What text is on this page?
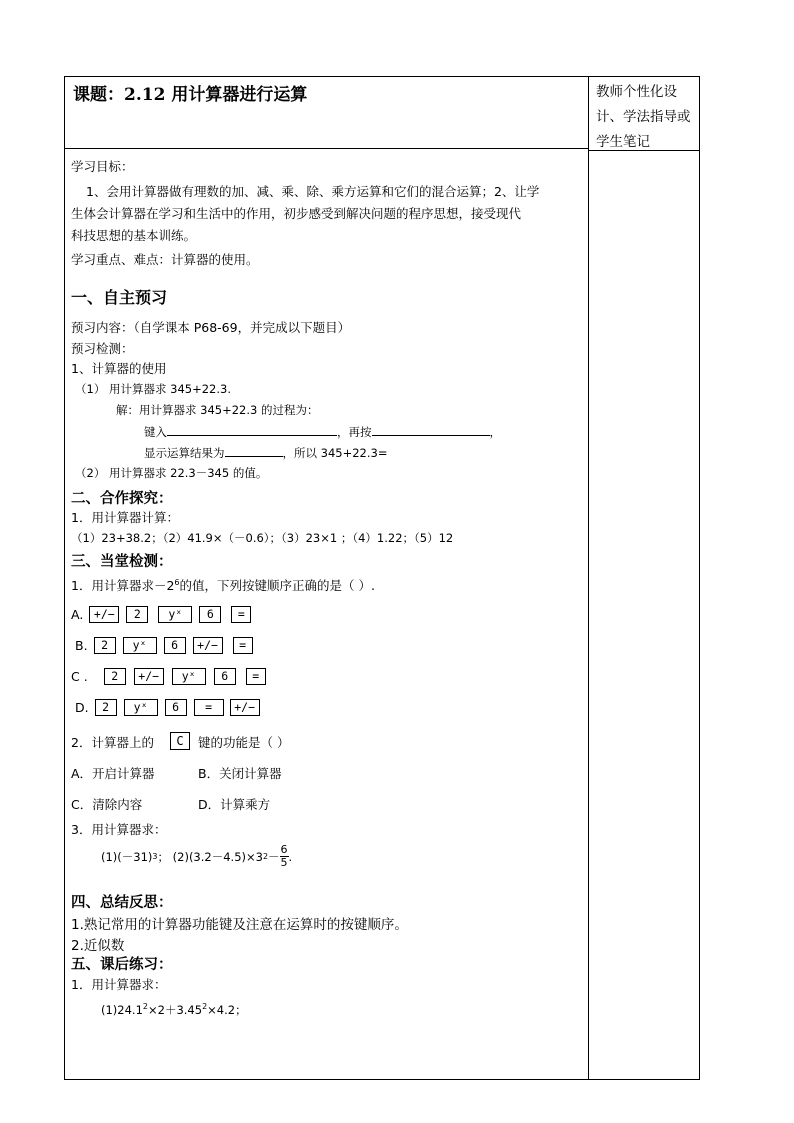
课题：2.12 用计算器进行运算	教师个性化设
计、学法指导或
学生笔记
学习目标：
1、会用计算器做有理数的加、减、乘、除、乘方运算和它们的混合运算；2、让学
生体会计算器在学习和生活中的作用，初步感受到解决问题的程序思想，接受现代
科技思想的基本训练。
学习重点、难点：计算器的使用。
一、自主预习
预习内容：（自学课本 P68-69，并完成以下题目）
预习检测：
1、计算器的使用
（1） 用计算器求 345+22.3.
解：用计算器求 345+22.3 的过程为：
键入	，再按	，
显示运算结果为	，所以 345+22.3=
（2） 用计算器求 22.3－345 的值。
二、合作探究：
1．用计算器计算：
（1）23+38.2；（2）41.9×（－0.6）；（3）23×1 ；（4）1.22；（5）12
三、当堂检测：
1．用计算器求$-2^6$的值，下列按键顺序正确的是（ ）.
A. +/−	2	yˣ	6	=
B.	2	yˣ	6	+/−	=
C .	2	+/−	yˣ	6	=
D.	2	yˣ	6	=	+/−
2．计算器上的	C	键的功能是（ ）
A．开启计算器	B．关闭计算器
C．清除内容	D．计算乘方
3．用计算器求：
(1)(－31) 3 ； (2)(3.2－4.5)×3 $2 - \frac{6}{5}$ .
四、总结反思：
1.熟记常用的计算器功能键及注意在运算时的按键顺序。
2.近似数
五、课后练习：
1．用计算器求：
$(1)24.1^2\times 2+3.45^2\times 4.2$；
